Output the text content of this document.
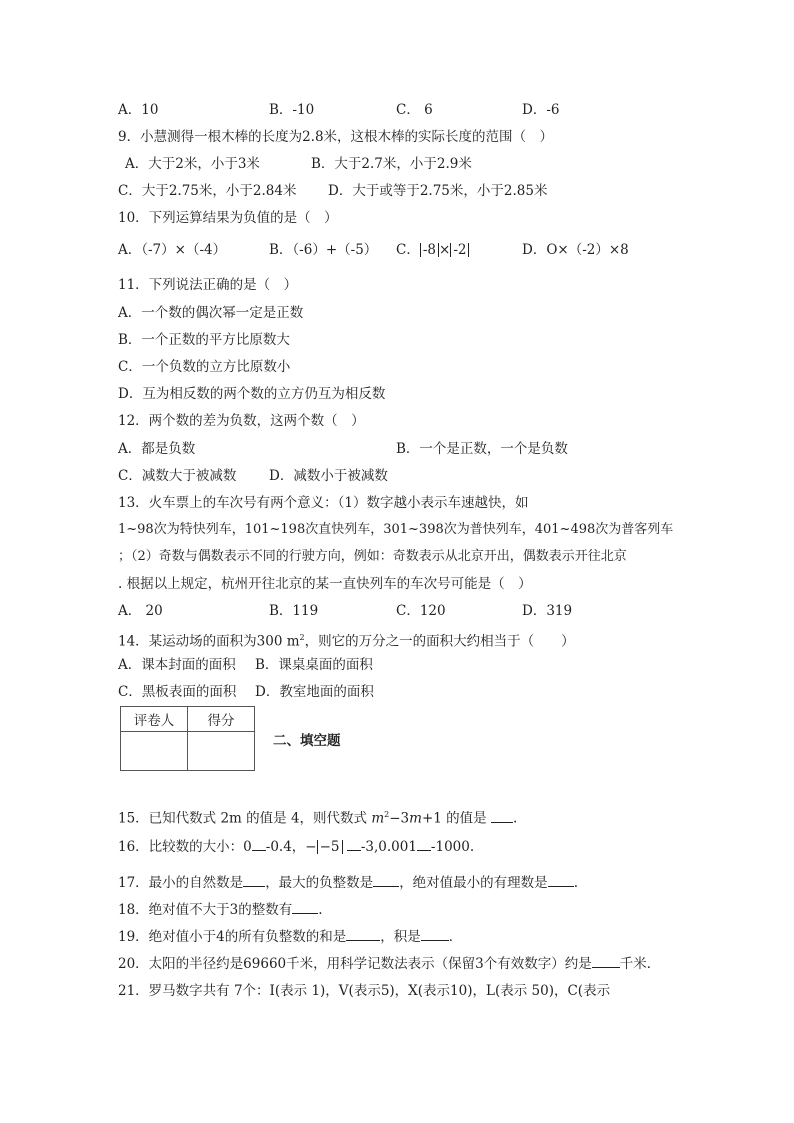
A．10	B．-10	C． 6	D．-6
9．小慧测得一根木棒的长度为2.8米，这根木棒的实际长度的范围（　）
A．大于2米，小于3米	B．大于2.7米，小于2.9米
C．大于2.75米，小于2.84米 D．大于或等于2.75米，小于2.85米
10．下列运算结果为负值的是（　）
A．（-7）×（-4）	B．（-6）+（-5） C． -8 × -2	D．O×（-2）×8
11．下列说法正确的是（　）
A．一个数的偶次幂一定是正数
B．一个正数的平方比原数大
C．一个负数的立方比原数小
D．互为相反数的两个数的立方仍互为相反数
12．两个数的差为负数，这两个数（　）
A．都是负数	B．一个是正数，一个是负数
C．减数大于被减数 D．减数小于被减数
13．火车票上的车次号有两个意义：（1）数字越小表示车速越快，如
1~98次为特快列车，101~198次直快列车，301~398次为普快列车，401~498次为普客列车
；（2）奇数与偶数表示不同的行驶方向，例如：奇数表示从北京开出，偶数表示开往北京
. 根据以上规定，杭州开往北京的某一直快列车的车次号可能是（　）
A． 20	B．119	C．120	D．319
14．某运动场的面积为300 $m^2$，则它的万分之一的面积大约相当于（　　）
A．课本封面的面积 B．课桌桌面的面积
C．黑板表面的面积 D．教室地面的面积
评卷人	得分

二、填空题
15．已知代数式 2m 的值是 4，则代数式 $m^2-3m+1$ 的值是 .
16．比较数的大小：0 -0.4，− −5 -3,0.001 -1000.
17．最小的自然数是 ，最大的负整数是 ，绝对值最小的有理数是 .
18．绝对值不大于3的整数有 .
19．绝对值小于4的所有负整数的和是	，积是 ．
20．太阳的半径约是69660千米，用科学记数法表示（保留3个有效数字）约是 千米．
21．罗马数字共有 7个：I(表示 1)，V(表示5)，X(表示10)，L(表示 50)，C(表示
